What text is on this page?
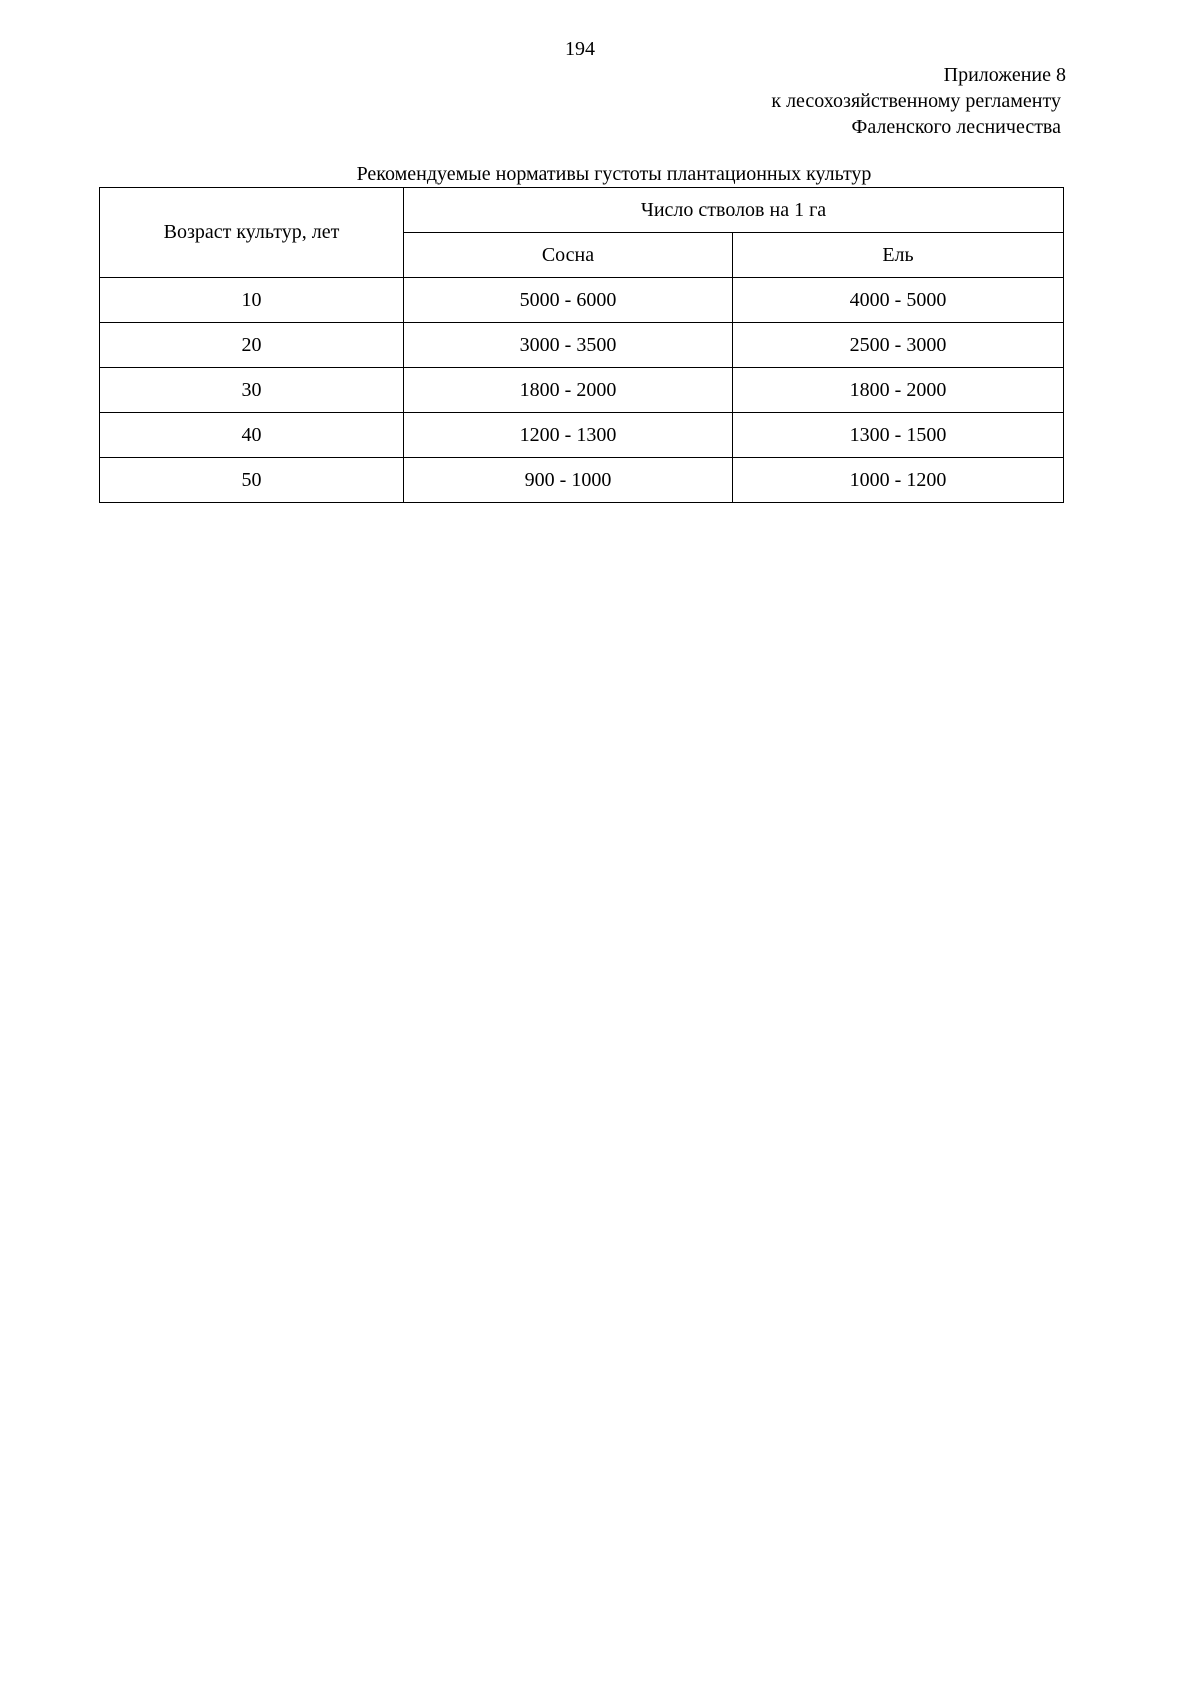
194
Приложение 8
к лесохозяйственному регламенту
Фаленского лесничества
Рекомендуемые нормативы густоты плантационных культур
Возраст культур, лет	Число стволов на 1 га	
	Сосна	Ель
10	5000 - 6000	4000 - 5000
20	3000 - 3500	2500 - 3000
30	1800 - 2000	1800 - 2000
40	1200 - 1300	1300 - 1500
50	900 - 1000	1000 - 1200
